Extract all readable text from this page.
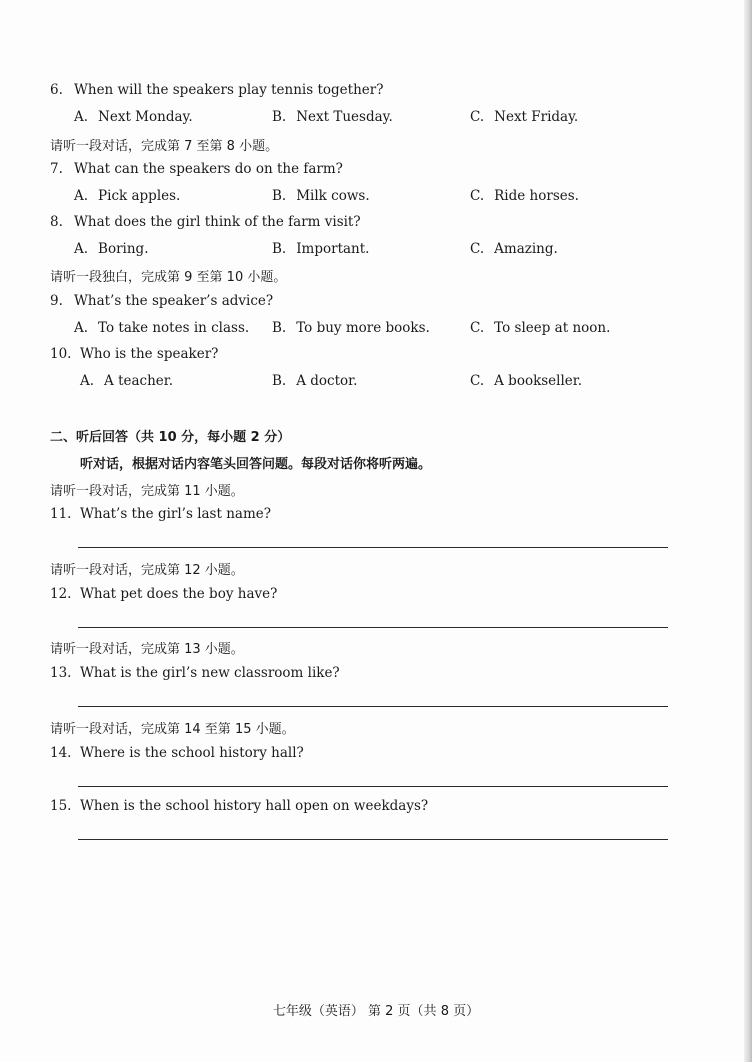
6. When will the speakers play tennis together?
A. Next Monday.	B. Next Tuesday.	C. Next Friday.
请听一段对话，完成第 7 至第 8 小题。
7. What can the speakers do on the farm?
A. Pick apples.	B. Milk cows.	C. Ride horses.
8. What does the girl think of the farm visit?
A. Boring.	B. Important.	C. Amazing.
请听一段独白，完成第 9 至第 10 小题。
9. What’s the speaker’s advice?
A. To take notes in class. B. To buy more books.	C. To sleep at noon.
10. Who is the speaker?
A. A teacher.	B. A doctor.	C. A bookseller.
二、听后回答（共 10 分，每小题 2 分）
听对话，根据对话内容笔头回答问题。每段对话你将听两遍。
请听一段对话，完成第 11 小题。
11. What’s the girl’s last name?
请听一段对话，完成第 12 小题。
12. What pet does the boy have?
请听一段对话，完成第 13 小题。
13. What is the girl’s new classroom like?
请听一段对话，完成第 14 至第 15 小题。
14. Where is the school history hall?
15. When is the school history hall open on weekdays?
七年级（英语） 第 2 页（共 8 页）
